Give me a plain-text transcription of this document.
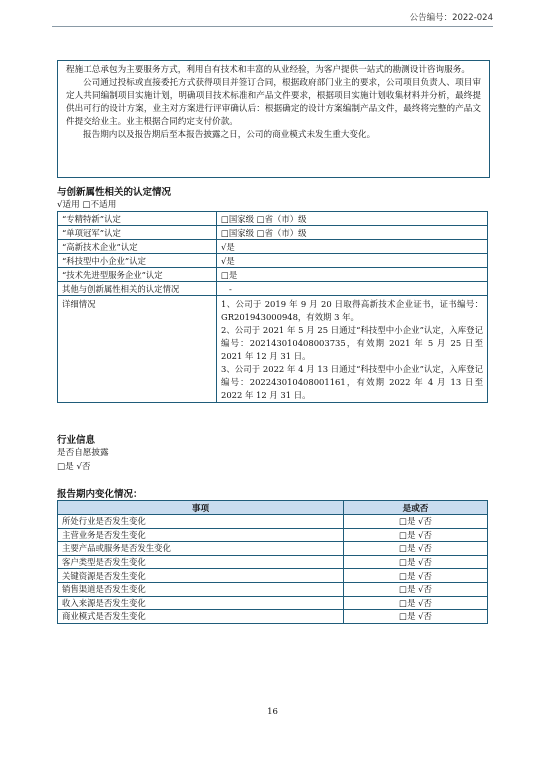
公告编号：2022-024

程施工总承包为主要服务方式，利用自有技术和丰富的从业经验，为客户提供一站式的勘测设计咨询服务。

公司通过投标或直接委托方式获得项目并签订合同，根据政府部门业主的要求，公司项目负责人、项目审定人共同编制项目实施计划，明确项目技术标准和产品文件要求，根据项目实施计划收集材料并分析，最终提供出可行的设计方案，业主对方案进行评审确认后：根据确定的设计方案编制产品文件，最终将完整的产品文件提交给业主。业主根据合同约定支付价款。

报告期内以及报告期后至本报告披露之日，公司的商业模式未发生重大变化。

与创新属性相关的认定情况
√适用 □不适用
“专精特新”认定	□国家级 □省（市）级
“单项冠军”认定	□国家级 □省（市）级
“高新技术企业”认定	√是
“科技型中小企业”认定	√是
“技术先进型服务企业”认定	□是
其他与创新属性相关的认定情况	-
详细情况	1、公司于 2019 年 9 月 20 日取得高新技术企业证书，证书编号：GR201943000948，有效期 3 年。
2、公司于 2021 年 5 月 25 日通过“科技型中小企业”认定，入库登记编号：202143010408003735，有效期 2021 年 5 月 25 日至 2021 年 12 月 31 日。
3、公司于 2022 年 4 月 13 日通过“科技型中小企业”认定，入库登记编号：202243010408001161，有效期 2022 年 4 月 13 日至 2022 年 12 月 31 日。
行业信息
是否自愿披露
□是 √否
报告期内变化情况：
事项	是或否
所处行业是否发生变化	□是 √否
主营业务是否发生变化	□是 √否
主要产品或服务是否发生变化	□是 √否
客户类型是否发生变化	□是 √否
关键资源是否发生变化	□是 √否
销售渠道是否发生变化	□是 √否
收入来源是否发生变化	□是 √否
商业模式是否发生变化	□是 √否
16
